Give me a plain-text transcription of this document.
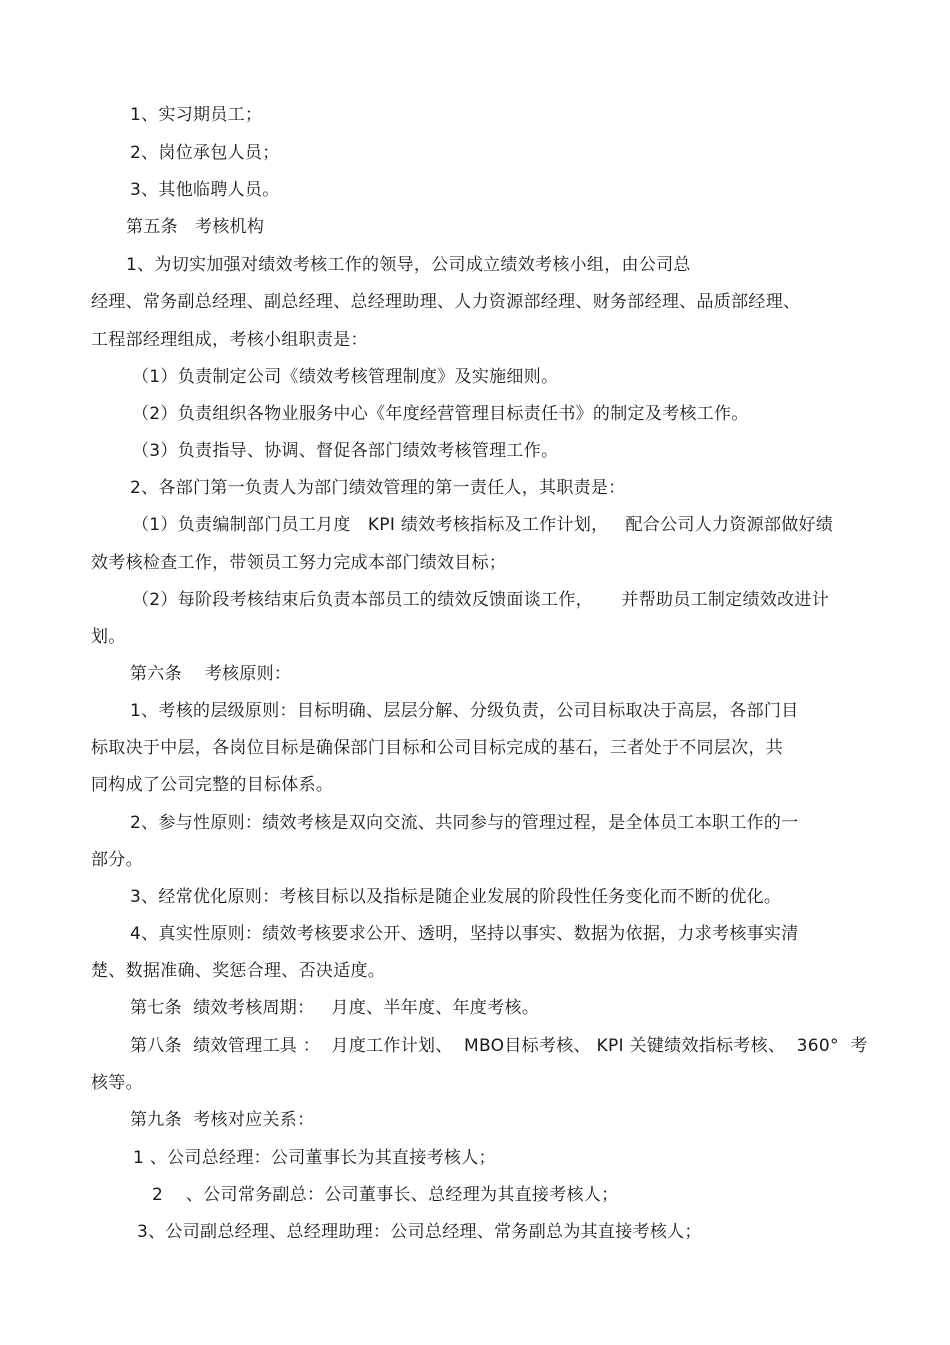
1、实习期员工；
2、岗位承包人员；
3、其他临聘人员。
第五条   考核机构
1、为切实加强对绩效考核工作的领导，公司成立绩效考核小组，由公司总
经理、常务副总经理、副总经理、总经理助理、人力资源部经理、财务部经理、品质部经理、
工程部经理组成，考核小组职责是：
（1）负责制定公司《绩效考核管理制度》及实施细则。
（2）负责组织各物业服务中心《年度经营管理目标责任书》的制定及考核工作。
（3）负责指导、协调、督促各部门绩效考核管理工作。
2、各部门第一负责人为部门绩效管理的第一责任人，其职责是：
（1）负责编制部门员工月度   KPI 绩效考核指标及工作计划，   配合公司人力资源部做好绩
效考核检查工作，带领员工努力完成本部门绩效目标；
（2）每阶段考核结束后负责本部员工的绩效反馈面谈工作，     并帮助员工制定绩效改进计
划。
第六条    考核原则：
1、考核的层级原则：目标明确、层层分解、分级负责，公司目标取决于高层，各部门目
标取决于中层，各岗位目标是确保部门目标和公司目标完成的基石，三者处于不同层次，共
同构成了公司完整的目标体系。
2、参与性原则：绩效考核是双向交流、共同参与的管理过程，是全体员工本职工作的一
部分。
3、经常优化原则：考核目标以及指标是随企业发展的阶段性任务变化而不断的优化。
4、真实性原则：绩效考核要求公开、透明，坚持以事实、数据为依据，力求考核事实清
楚、数据准确、奖惩合理、否决适度。
第七条  绩效考核周期：   月度、半年度、年度考核。
第八条  绩效管理工具 ：  月度工作计划、  MBO目标考核、 KPI 关键绩效指标考核、  360°  考
核等。
第九条  考核对应关系：
1 、公司总经理：公司董事长为其直接考核人；
2    、公司常务副总：公司董事长、总经理为其直接考核人；
3、公司副总经理、总经理助理：公司总经理、常务副总为其直接考核人；
